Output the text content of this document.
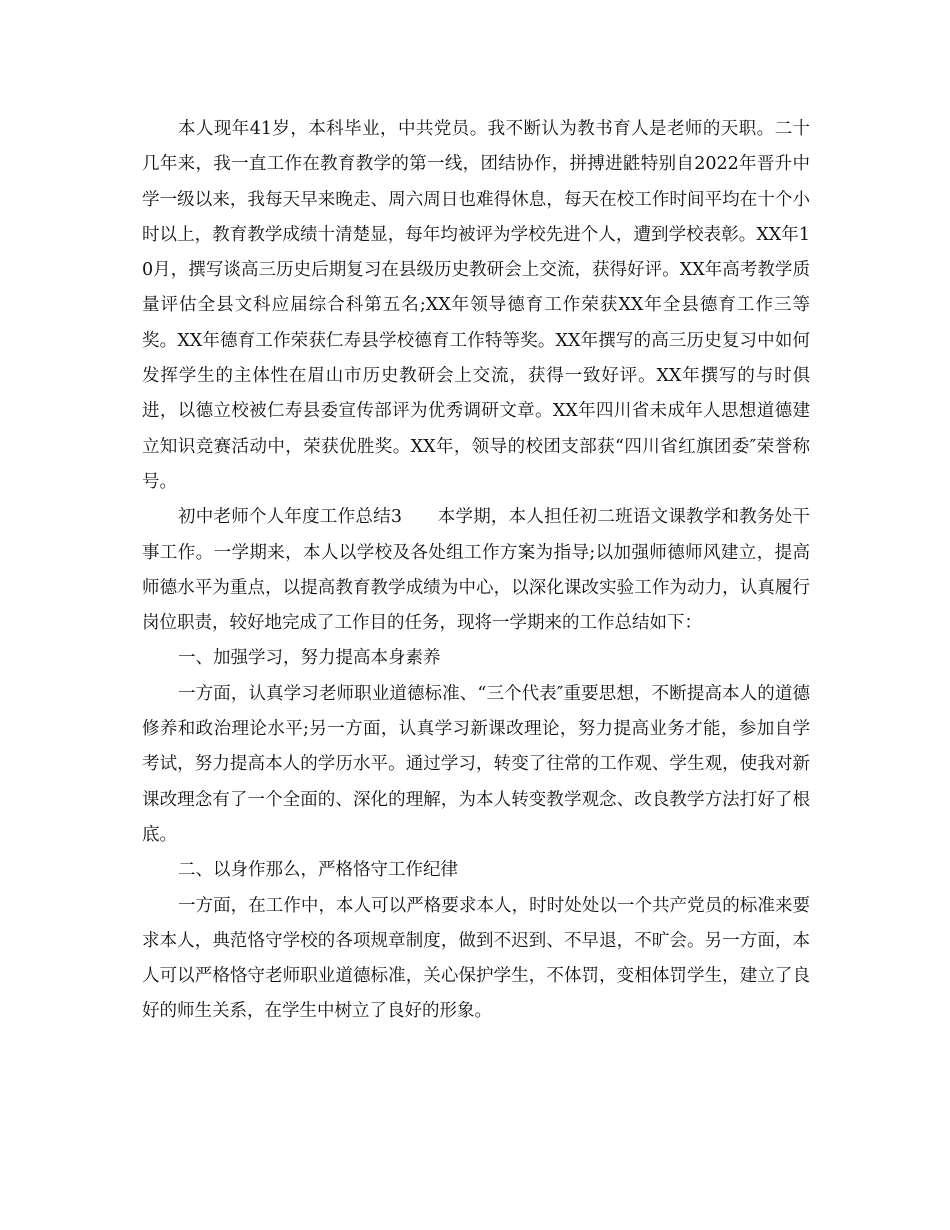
本人现年41岁，本科毕业，中共党员。我不断认为教书育人是老师的天职。二十几年来，我一直工作在教育教学的第一线，团结协作，拼搏进鼪特别自2022年晋升中学一级以来，我每天早来晚走、周六周日也难得休息，每天在校工作时间平均在十个小时以上，教育教学成绩十清楚显，每年均被评为学校先进个人，遭到学校表彰。XX年10月，撰写谈高三历史后期复习在县级历史教研会上交流，获得好评。XX年高考教学质量评估全县文科应届综合科第五名;XX年领导德育工作荣获XX年全县德育工作三等奖。XX年德育工作荣获仁寿县学校德育工作特等奖。XX年撰写的高三历史复习中如何发挥学生的主体性在眉山市历史教研会上交流，获得一致好评。XX年撰写的与时俱进，以德立校被仁寿县委宣传部评为优秀调研文章。XX年四川省未成年人思想道德建立知识竞赛活动中，荣获优胜奖。XX年，领导的校团支部获“四川省红旗团委″荣誉称号。

初中老师个人年度工作总结3　　本学期，本人担任初二班语文课教学和教务处干事工作。一学期来，本人以学校及各处组工作方案为指导;以加强师德师风建立，提高师德水平为重点，以提高教育教学成绩为中心，以深化课改实验工作为动力，认真履行岗位职责，较好地完成了工作目的任务，现将一学期来的工作总结如下：

一、加强学习，努力提高本身素养

一方面，认真学习老师职业道德标准、“三个代表″重要思想，不断提高本人的道德修养和政治理论水平;另一方面，认真学习新课改理论，努力提高业务才能，参加自学考试，努力提高本人的学历水平。通过学习，转变了往常的工作观、学生观，使我对新课改理念有了一个全面的、深化的理解，为本人转变教学观念、改良教学方法打好了根底。

二、以身作那么，严格恪守工作纪律

一方面，在工作中，本人可以严格要求本人，时时处处以一个共产党员的标准来要求本人，典范恪守学校的各项规章制度，做到不迟到、不早退，不旷会。另一方面，本人可以严格恪守老师职业道德标准，关心保护学生，不体罚，变相体罚学生，建立了良好的师生关系，在学生中树立了良好的形象。
